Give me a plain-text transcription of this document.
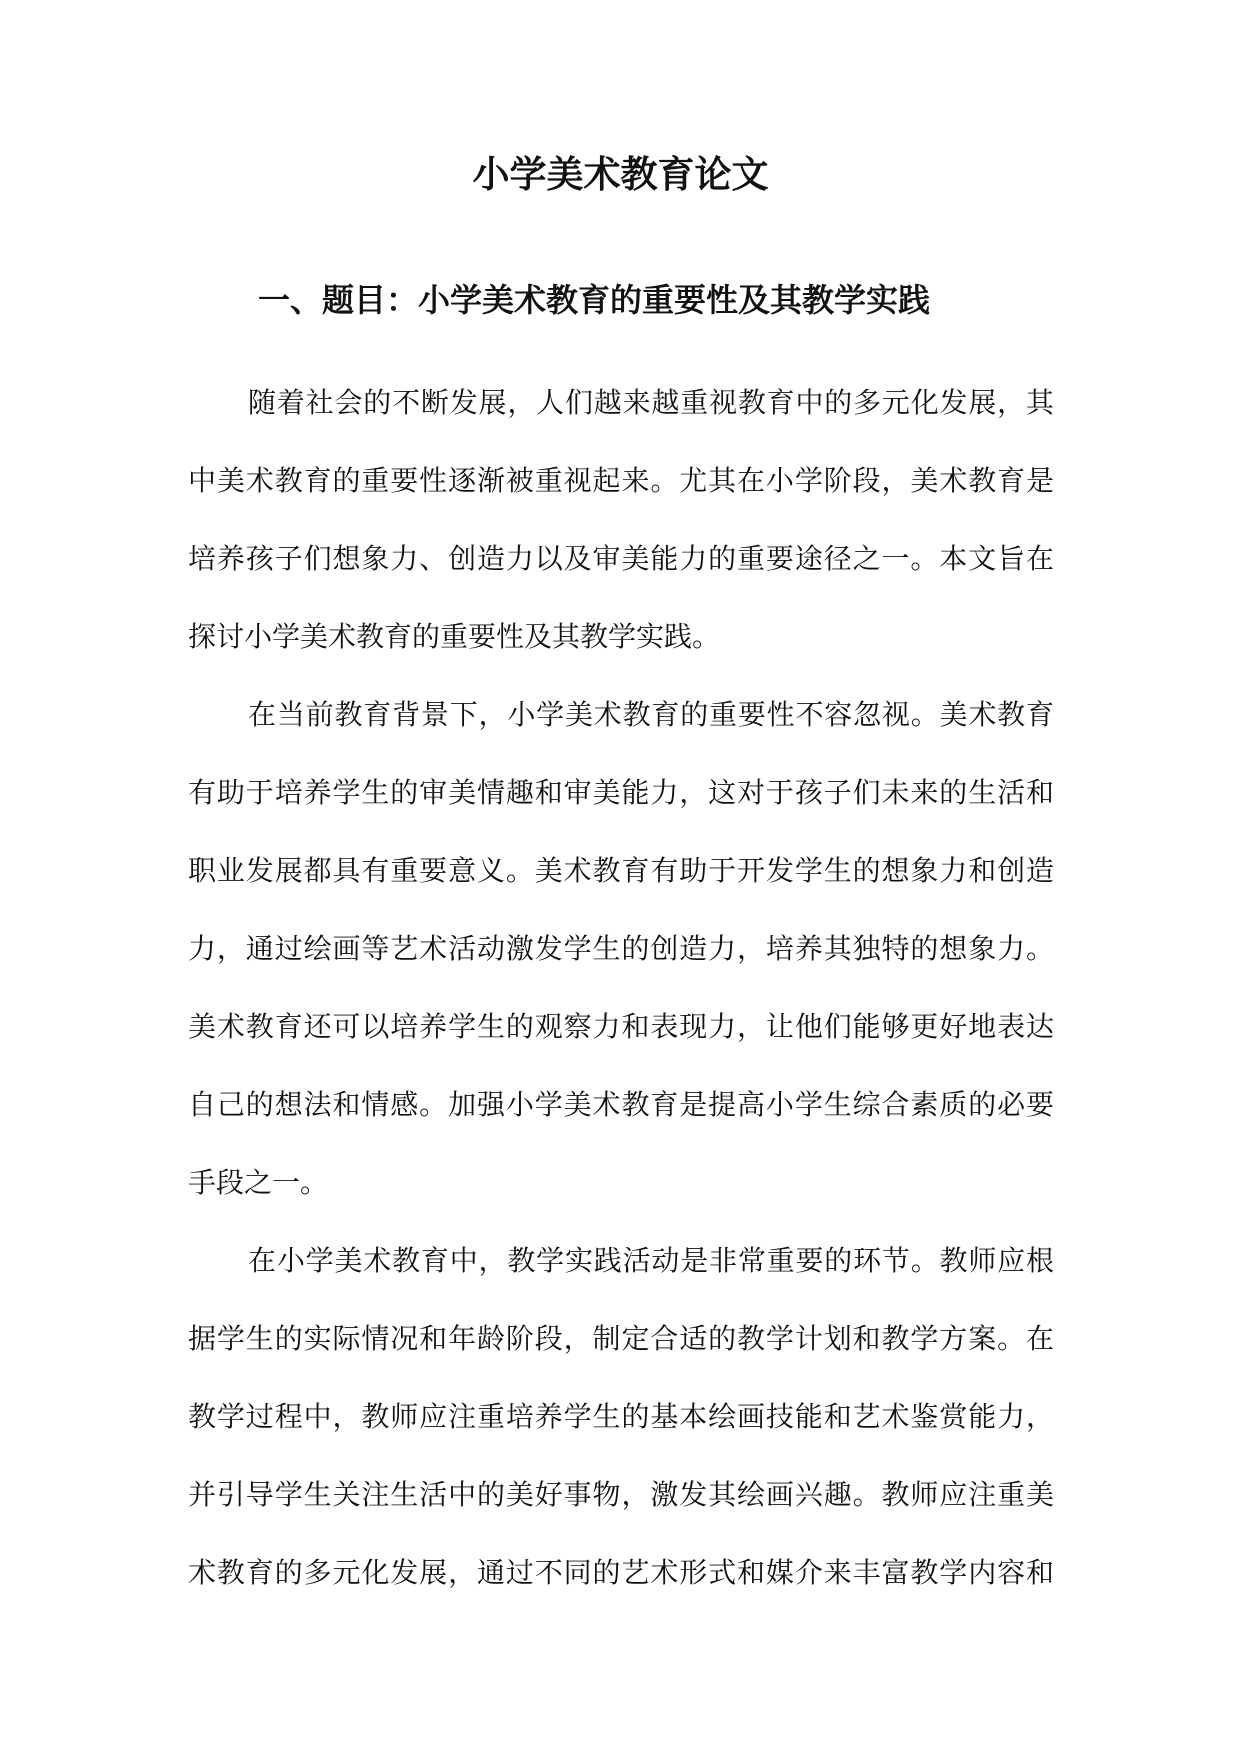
小学美术教育论文
一、题目：小学美术教育的重要性及其教学实践

随着社会的不断发展，人们越来越重视教育中的多元化发展，其
中美术教育的重要性逐渐被重视起来。尤其在小学阶段，美术教育是
培养孩子们想象力、创造力以及审美能力的重要途径之一。本文旨在
探讨小学美术教育的重要性及其教学实践。

在当前教育背景下，小学美术教育的重要性不容忽视。美术教育
有助于培养学生的审美情趣和审美能力，这对于孩子们未来的生活和
职业发展都具有重要意义。美术教育有助于开发学生的想象力和创造
力，通过绘画等艺术活动激发学生的创造力，培养其独特的想象力。
美术教育还可以培养学生的观察力和表现力，让他们能够更好地表达
自己的想法和情感。加强小学美术教育是提高小学生综合素质的必要
手段之一。

在小学美术教育中，教学实践活动是非常重要的环节。教师应根
据学生的实际情况和年龄阶段，制定合适的教学计划和教学方案。在
教学过程中，教师应注重培养学生的基本绘画技能和艺术鉴赏能力，
并引导学生关注生活中的美好事物，激发其绘画兴趣。教师应注重美
术教育的多元化发展，通过不同的艺术形式和媒介来丰富教学内容和
